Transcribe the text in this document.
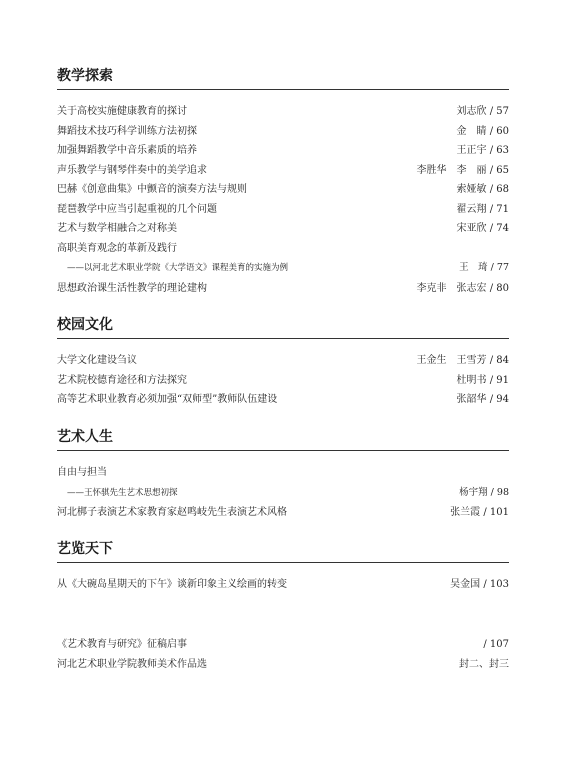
教学探索
关于高校实施健康教育的探讨	刘志欣 / 57
舞蹈技术技巧科学训练方法初探	金　睛 / 60
加强舞蹈教学中音乐素质的培养	王正宇 / 63
声乐教学与钢琴伴奏中的美学追求	李胜华　李　丽 / 65
巴赫《创意曲集》中颤音的演奏方法与规则	索娅敏 / 68
琵琶教学中应当引起重视的几个问题	翟云翔 / 71
艺术与数学相融合之对称美	宋亚欣 / 74
高职美育观念的革新及践行
——以河北艺术职业学院《大学语文》课程美育的实施为例	王　琦 / 77
思想政治课生活性教学的理论建构	李克非　张志宏 / 80
校园文化
大学文化建设刍议	王金生　王雪芳 / 84
艺术院校德育途径和方法探究	杜明书 / 91
高等艺术职业教育必须加强“双师型”教师队伍建设	张韶华 / 94
艺术人生
自由与担当
——王怀骐先生艺术思想初探	杨宇翔 / 98
河北梆子表演艺术家教育家赵鸣岐先生表演艺术风格	张兰霞 / 101
艺览天下
从《大碗岛星期天的下午》谈新印象主义绘画的转变	吴金国 / 103
《艺术教育与研究》征稿启事	/ 107
河北艺术职业学院教师美术作品选	封二、封三
